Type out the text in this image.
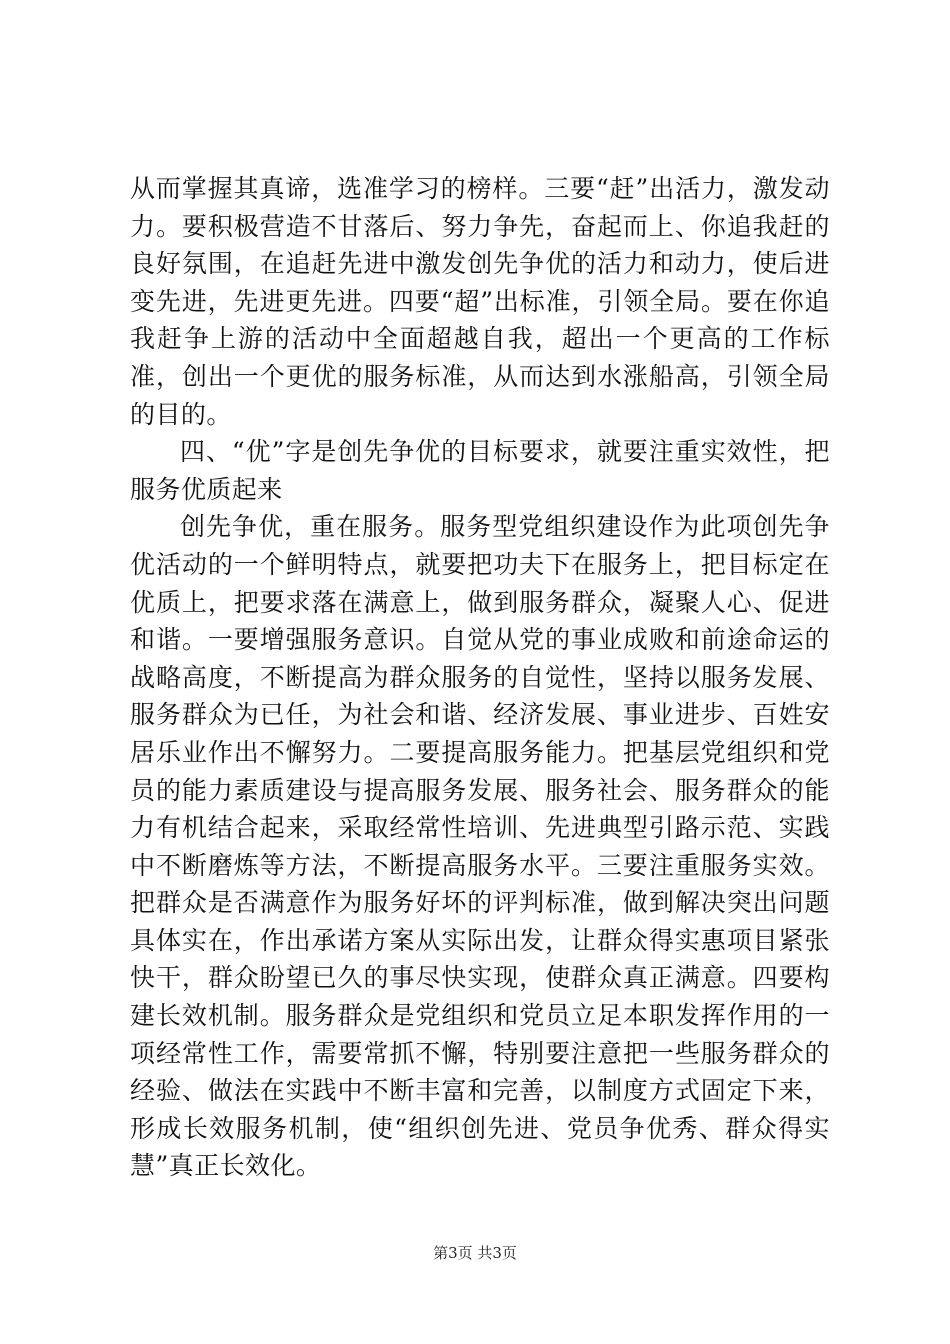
从而掌握其真谛，选准学习的榜样。三要“赶”出活力，激发动力。要积极营造不甘落后、努力争先，奋起而上、你追我赶的良好氛围，在追赶先进中激发创先争优的活力和动力，使后进变先进，先进更先进。四要“超”出标准，引领全局。要在你追我赶争上游的活动中全面超越自我，超出一个更高的工作标准，创出一个更优的服务标准，从而达到水涨船高，引领全局的目的。

四、“优”字是创先争优的目标要求，就要注重实效性，把服务优质起来

创先争优，重在服务。服务型党组织建设作为此项创先争优活动的一个鲜明特点，就要把功夫下在服务上，把目标定在优质上，把要求落在满意上，做到服务群众，凝聚人心、促进和谐。一要增强服务意识。自觉从党的事业成败和前途命运的战略高度，不断提高为群众服务的自觉性，坚持以服务发展、服务群众为已任，为社会和谐、经济发展、事业进步、百姓安居乐业作出不懈努力。二要提高服务能力。把基层党组织和党员的能力素质建设与提高服务发展、服务社会、服务群众的能力有机结合起来，采取经常性培训、先进典型引路示范、实践中不断磨炼等方法，不断提高服务水平。三要注重服务实效。把群众是否满意作为服务好坏的评判标准，做到解决突出问题具体实在，作出承诺方案从实际出发，让群众得实惠项目紧张快干，群众盼望已久的事尽快实现，使群众真正满意。四要构建长效机制。服务群众是党组织和党员立足本职发挥作用的一项经常性工作，需要常抓不懈，特别要注意把一些服务群众的经验、做法在实践中不断丰富和完善，以制度方式固定下来，形成长效服务机制，使“组织创先进、党员争优秀、群众得实慧”真正长效化。

第3页 共3页
